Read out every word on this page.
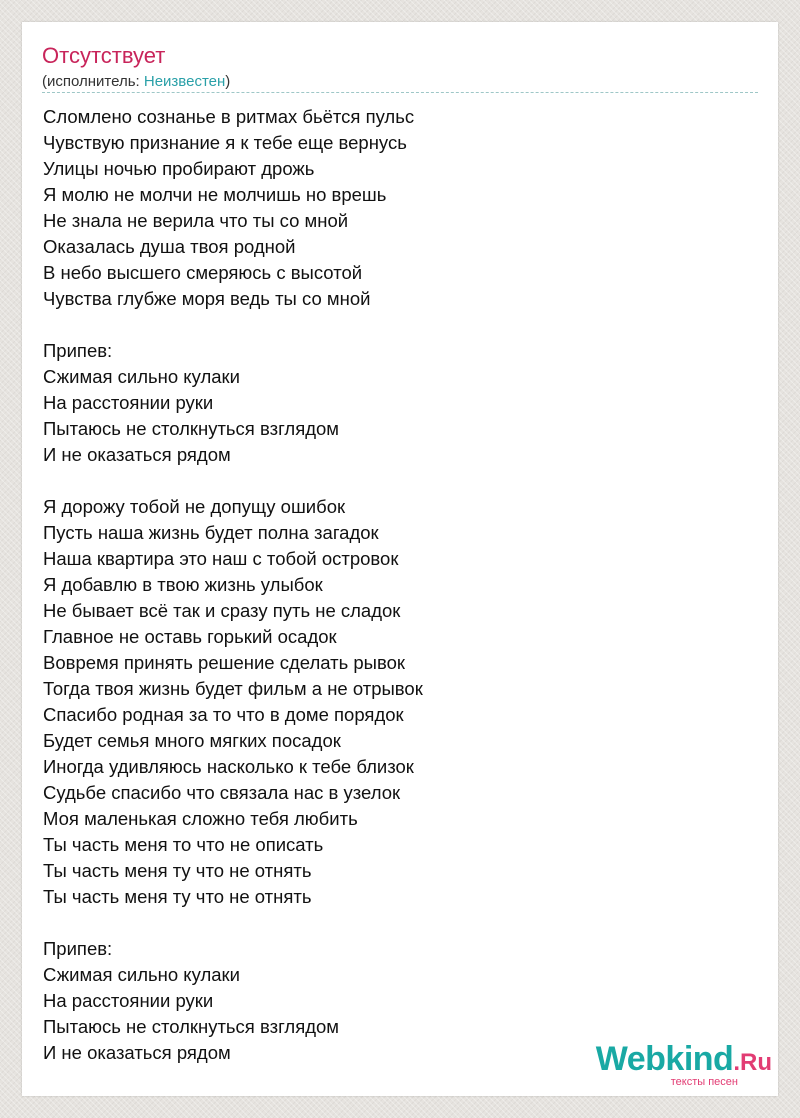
Отсутствует
(исполнитель: Неизвестен)
Сломлено сознанье в ритмах бьётся пульс
Чувствую признание я к тебе еще вернусь
Улицы ночью пробирают дрожь
Я молю не молчи не молчишь но врешь
Не знала не верила что ты со мной
Оказалась душа твоя родной
В небо высшего смеряюсь с высотой
Чувства глубже моря ведь ты со мной
Припев:
Сжимая сильно кулаки
На расстоянии руки
Пытаюсь не столкнуться взглядом
И не оказаться рядом
Я дорожу тобой не допущу ошибок
Пусть наша жизнь будет полна загадок
Наша квартира это наш с тобой островок
Я добавлю в твою жизнь улыбок
Не бывает всё так и сразу путь не сладок
Главное не оставь горький осадок
Вовремя принять решение сделать рывок
Тогда твоя жизнь будет фильм а не отрывок
Спасибо родная за то что в доме порядок
Будет семья много мягких посадок
Иногда удивляюсь насколько к тебе близок
Судьбе спасибо что связала нас в узелок
Моя маленькая сложно тебя любить
Ты часть меня то что не описать
Ты часть меня ту что не отнять
Ты часть меня ту что не отнять
Припев:
Сжимая сильно кулаки
На расстоянии руки
Пытаюсь не столкнуться взглядом
И не оказаться рядом	Webkind.Ru
тексты песен
